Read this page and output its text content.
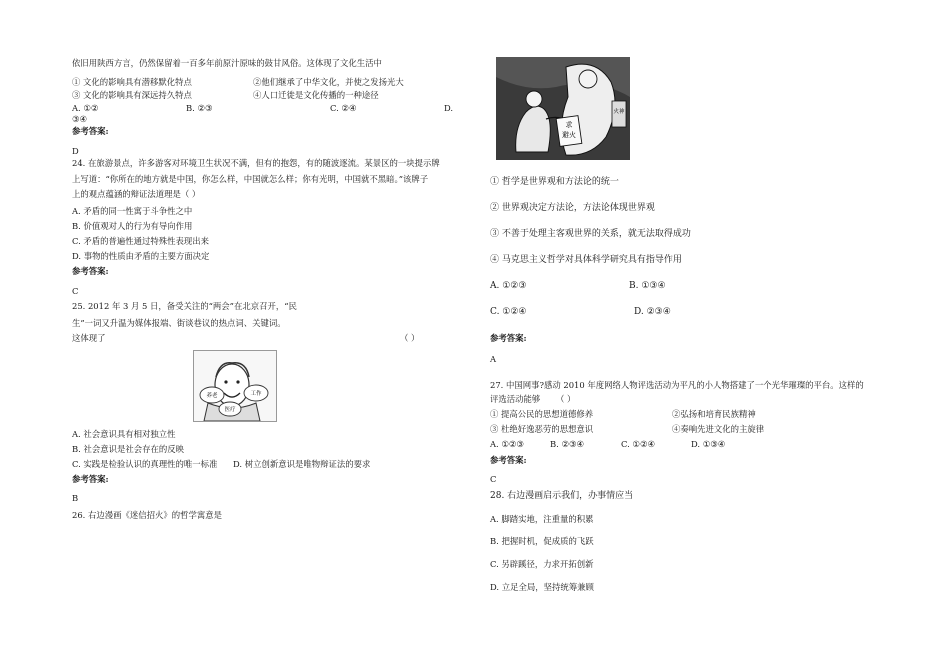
依旧用陕西方言，仍然保留着一百多年前原汁原味的鼓甘风俗。这体现了文化生活中
① 文化的影响具有潜移默化特点	②他们继承了中华文化，并使之发扬光大
③ 文化的影响具有深远持久特点	④人口迁徙是文化传播的一种途径
A. ①②	B. ②③	C. ②④	D.
③④
参考答案:
D
24. 在旅游景点，许多游客对环境卫生状况不满，但有的抱怨，有的随波逐流。某景区的一块提示牌
上写道：“你所在的地方就是中国，你怎么样，中国就怎么样；你有光明，中国就不黑暗。”该牌子
上的观点蕴涵的辩证法道理是（ ）
A. 矛盾的同一性寓于斗争性之中
B. 价值观对人的行为有导向作用
C. 矛盾的普遍性通过特殊性表现出来
D. 事物的性质由矛盾的主要方面决定
参考答案:
C
25. 2012 年 3 月 5 日，备受关注的“两会”在北京召开，“民
生”一词又升温为媒体报端、街谈巷议的热点词、关键词。
这体现了	（ ）
养老
医疗
工作
A. 社会意识具有相对独立性
B. 社会意识是社会存在的反映
C. 实践是检验认识的真理性的唯一标准 D. 树立创新意识是唯物辩证法的要求
参考答案:
B
26. 右边漫画《迷信招火》的哲学寓意是
求
避火
火神
① 哲学是世界观和方法论的统一
② 世界观决定方法论，方法论体现世界观
③ 不善于处理主客观世界的关系，就无法取得成功
④ 马克思主义哲学对具体科学研究具有指导作用
A. ①②③	B. ①③④
C. ①②④	D. ②③④
参考答案:
A
27. 中国网事?感动 2010 年度网络人物评选活动为平凡的小人物搭建了一个光华璀璨的平台。这样的
评选活动能够 （ ）
① 提高公民的思想道德修养	②弘扬和培育民族精神
③ 杜绝好逸恶劳的思想意识	④奏响先进文化的主旋律
A. ①②③	B. ②③④	C. ①②④	D. ①③④
参考答案:
C
28. 右边漫画启示我们，办事情应当
A. 脚踏实地，注重量的积累
B. 把握时机，促成质的飞跃
C. 另辟蹊径，力求开拓创新
D. 立足全局，坚持统筹兼顾
